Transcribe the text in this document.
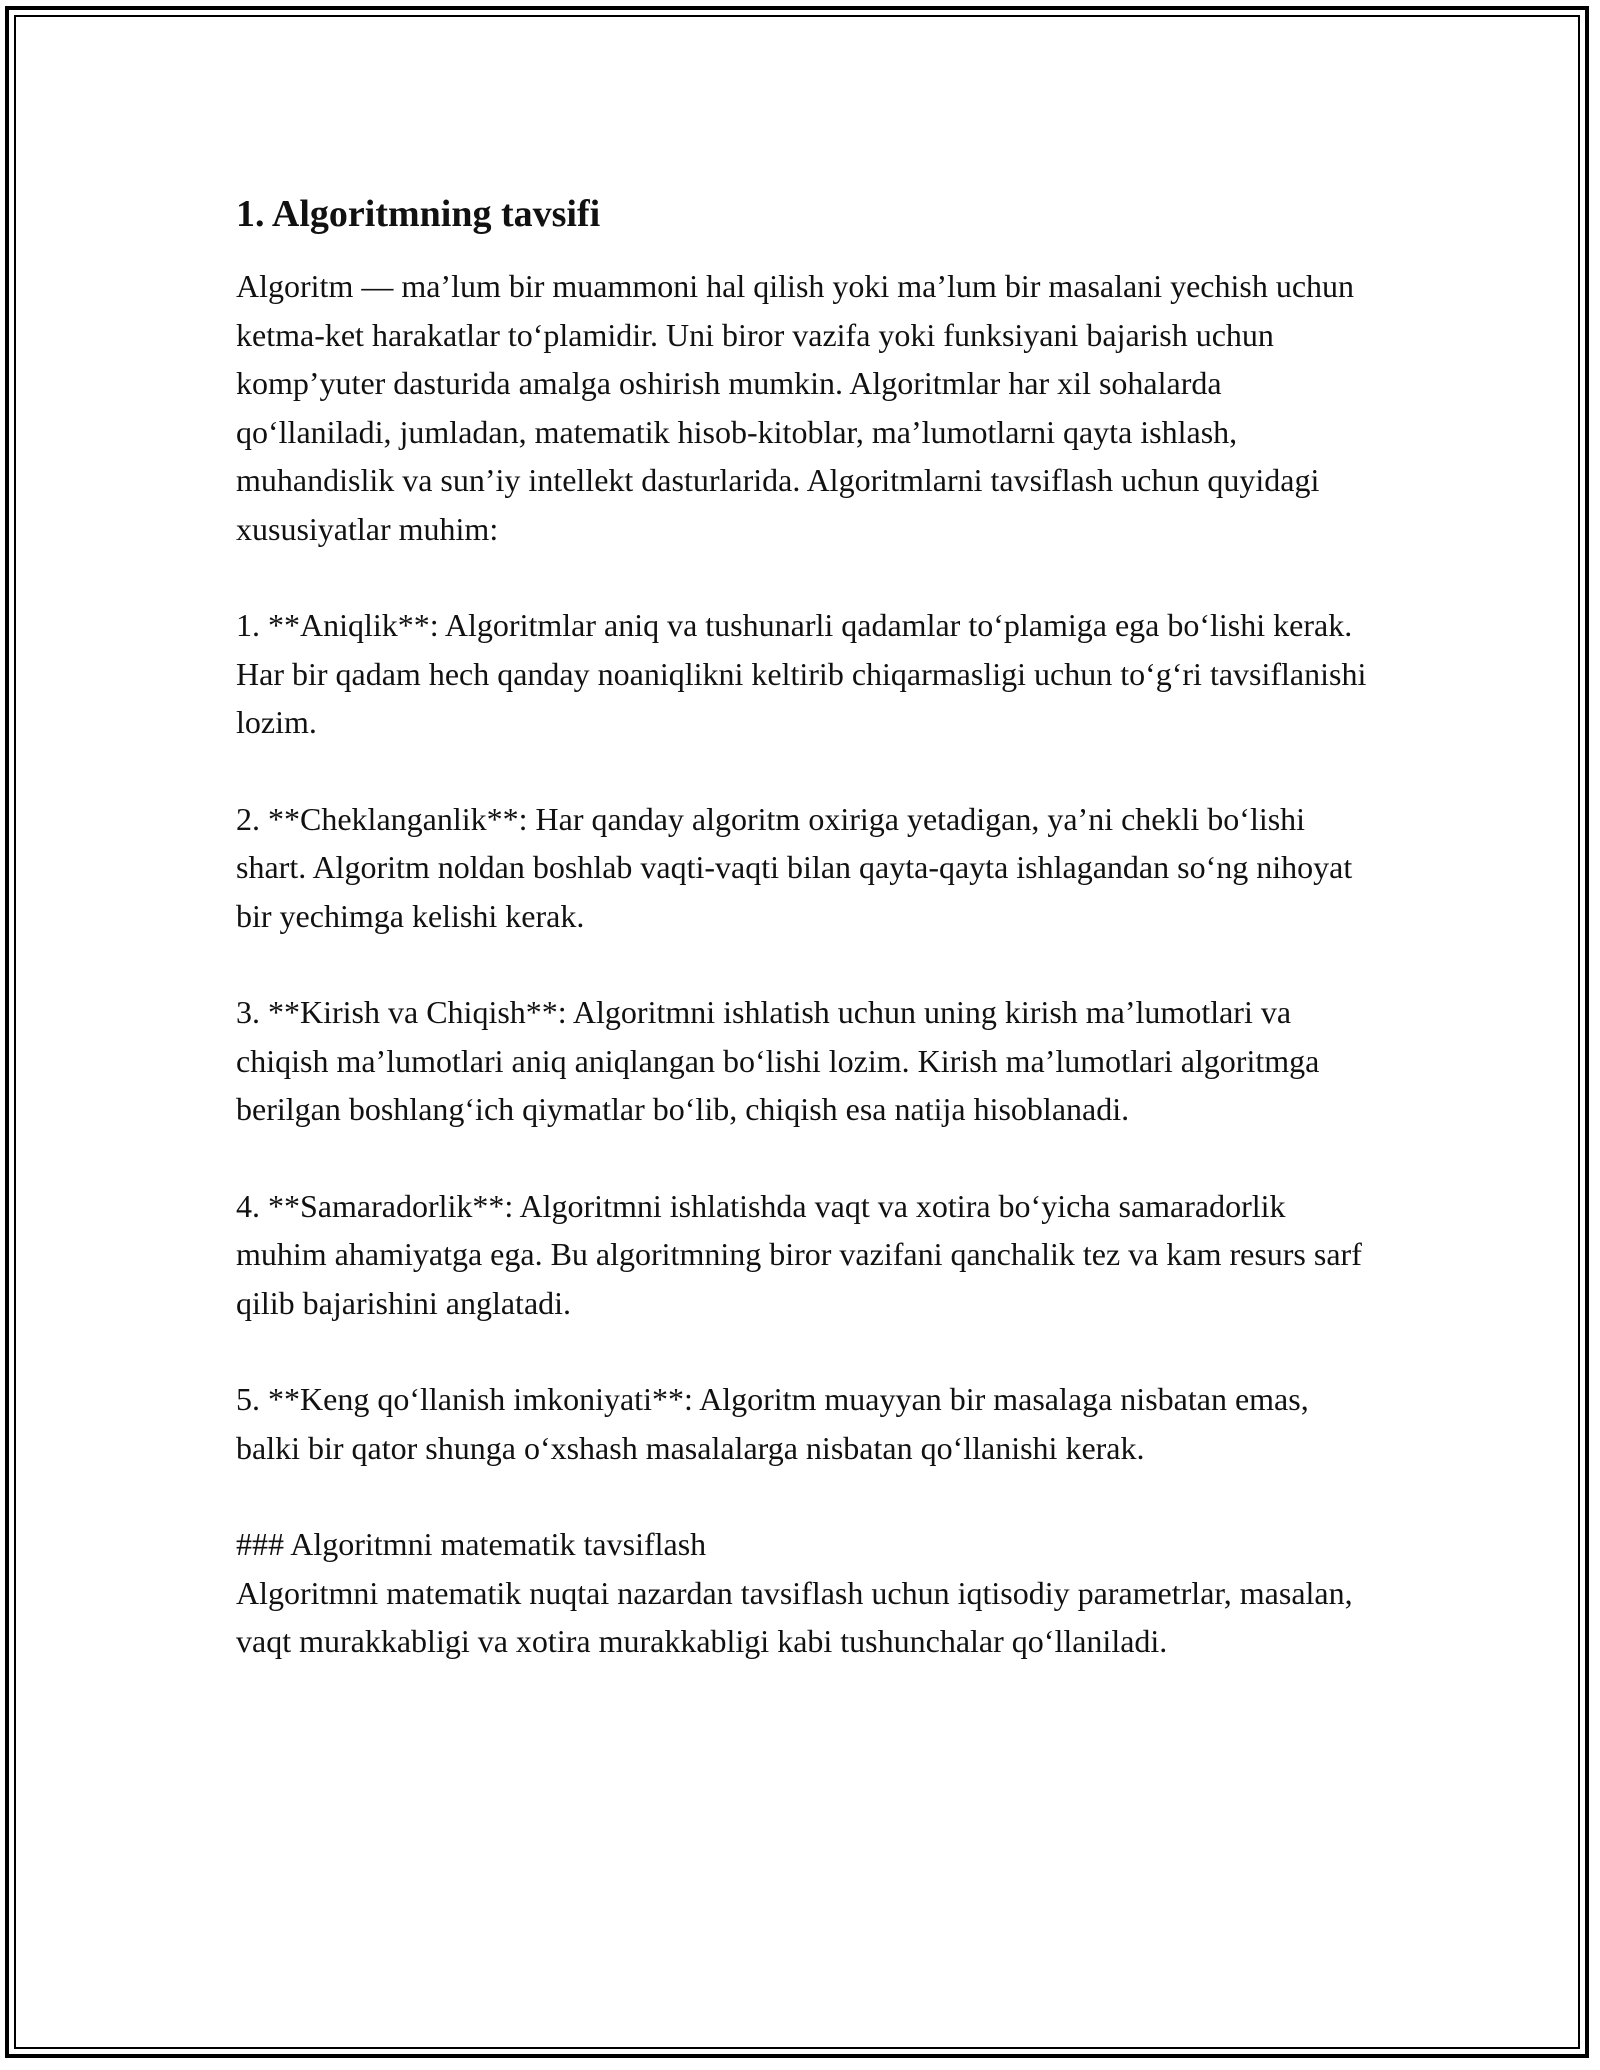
1. Algoritmning tavsifi

Algoritm — ma’lum bir muammoni hal qilish yoki ma’lum bir masalani yechish uchun ketma-ket harakatlar to‘plamidir. Uni biror vazifa yoki funksiyani bajarish uchun komp’yuter dasturida amalga oshirish mumkin. Algoritmlar har xil sohalarda qo‘llaniladi, jumladan, matematik hisob-kitoblar, ma’lumotlarni qayta ishlash, muhandislik va sun’iy intellekt dasturlarida. Algoritmlarni tavsiflash uchun quyidagi xususiyatlar muhim:

1. **Aniqlik**: Algoritmlar aniq va tushunarli qadamlar to‘plamiga ega bo‘lishi kerak. Har bir qadam hech qanday noaniqlikni keltirib chiqarmasligi uchun to‘g‘ri tavsiflanishi lozim.

2. **Cheklanganlik**: Har qanday algoritm oxiriga yetadigan, ya’ni chekli bo‘lishi shart. Algoritm noldan boshlab vaqti-vaqti bilan qayta-qayta ishlagandan so‘ng nihoyat bir yechimga kelishi kerak.

3. **Kirish va Chiqish**: Algoritmni ishlatish uchun uning kirish ma’lumotlari va chiqish ma’lumotlari aniq aniqlangan bo‘lishi lozim. Kirish ma’lumotlari algoritmga berilgan boshlang‘ich qiymatlar bo‘lib, chiqish esa natija hisoblanadi.

4. **Samaradorlik**: Algoritmni ishlatishda vaqt va xotira bo‘yicha samaradorlik muhim ahamiyatga ega. Bu algoritmning biror vazifani qanchalik tez va kam resurs sarf qilib bajarishini anglatadi.

5. **Keng qo‘llanish imkoniyati**: Algoritm muayyan bir masalaga nisbatan emas, balki bir qator shunga o‘xshash masalalarga nisbatan qo‘llanishi kerak.

### Algoritmni matematik tavsiflash

Algoritmni matematik nuqtai nazardan tavsiflash uchun iqtisodiy parametrlar, masalan, vaqt murakkabligi va xotira murakkabligi kabi tushunchalar qo‘llaniladi.
